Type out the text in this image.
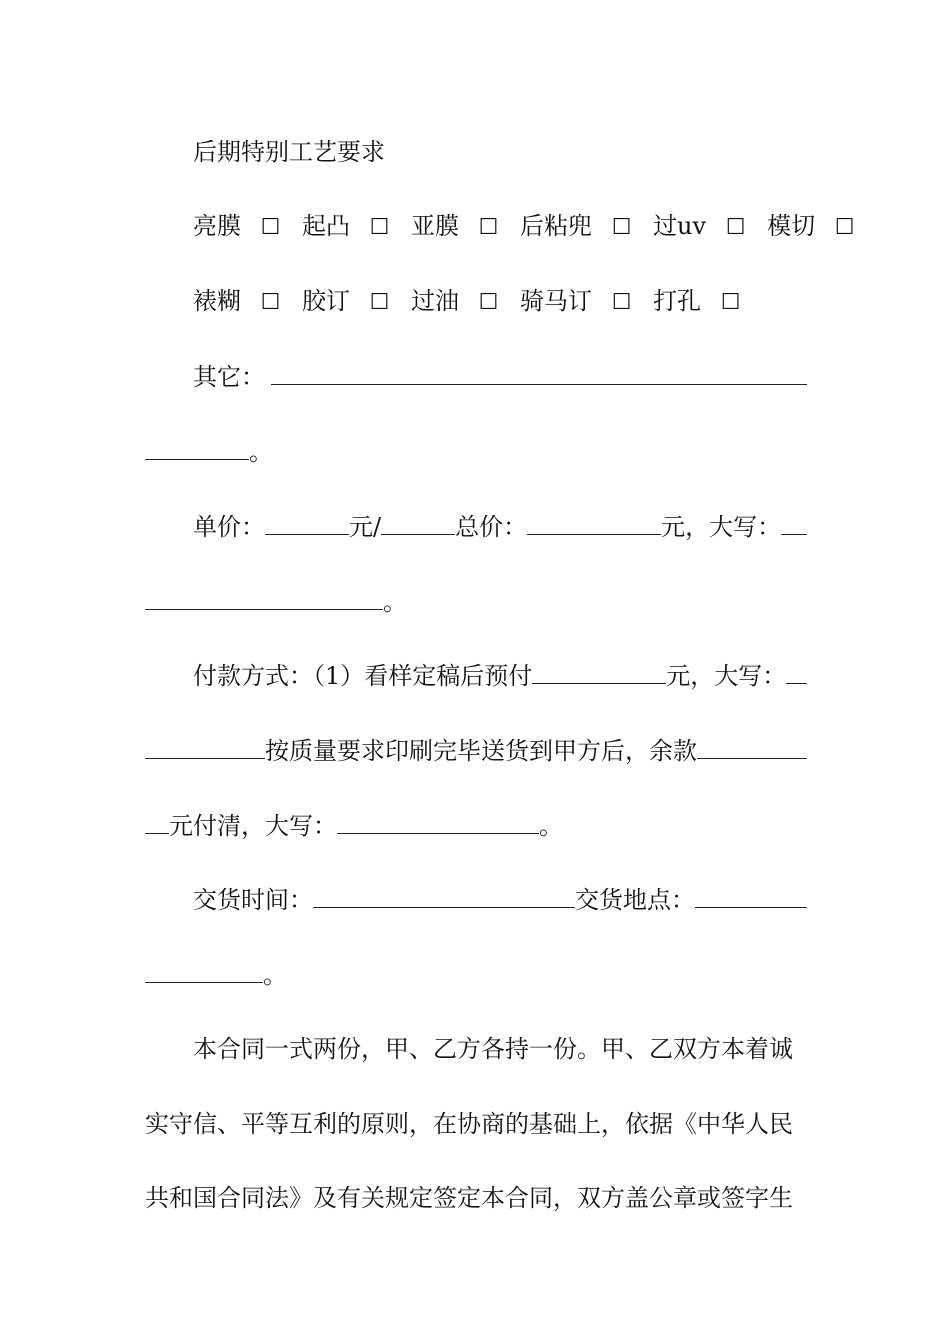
后期特别工艺要求
亮膜 ☐ 起凸 ☐ 亚膜 ☐ 后粘兜 ☐ 过uv ☐ 模切 ☐
裱糊 ☐ 胶订 ☐ 过油 ☐ 骑马订 ☐ 打孔 ☐
其它：
。
单价：	元/	总价：	元，大写：
。
付款方式：（1）看样定稿后预付	元，大写：
按质量要求印刷完毕送货到甲方后，余款
元付清，大写：	。
交货时间：	交货地点：
。
本合同一式两份，甲、乙方各持一份。甲、乙双方本着诚
实守信、平等互利的原则，在协商的基础上，依据《中华人民
共和国合同法》及有关规定签定本合同，双方盖公章或签字生
